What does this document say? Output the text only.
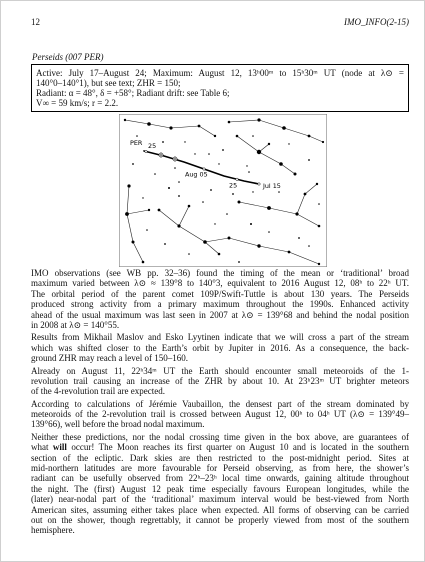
12	IMO_INFO(2-15)
Perseids (007 PER)
Active: July 17–August 24; Maximum: August 12, 13ʰ00ᵐ to 15ʰ30ᵐ UT (node at λ⊙ =
140°0–140°1), but see text; ZHR = 150;
Radiant: α = 48°, δ = +58°; Radiant drift: see Table 6;
V∞ = 59 km/s; r = 2.2.
PER 25
Aug 05
25	Jul 15
IMO observations (see WB pp. 32–36) found the timing of the mean or ‘traditional’ broad
maximum varied between λ⊙ ≈ 139°8 to 140°3, equivalent to 2016 August 12, 08ʰ to 22ʰ UT.
The orbital period of the parent comet 109P/Swift-Tuttle is about 130 years. The Perseids
produced strong activity from a primary maximum throughout the 1990s. Enhanced activity
ahead of the usual maximum was last seen in 2007 at λ⊙ = 139°68 and behind the nodal position
in 2008 at λ⊙ = 140°55.
Results from Mikhail Maslov and Esko Lyytinen indicate that we will cross a part of the stream
which was shifted closer to the Earth’s orbit by Jupiter in 2016. As a consequence, the back-
ground ZHR may reach a level of 150–160.
Already on August 11, 22ʰ34ᵐ UT the Earth should encounter small meteoroids of the 1-
revolution trail causing an increase of the ZHR by about 10. At 23ʰ23ᵐ UT brighter meteors
of the 4-revolution trail are expected.
According to calculations of Jérémie Vaubaillon, the densest part of the stream dominated by
meteoroids of the 2-revolution trail is crossed between August 12, 00ʰ to 04ʰ UT (λ⊙ = 139°49–
139°66), well before the broad nodal maximum.
Neither these predictions, nor the nodal crossing time given in the box above, are guarantees of
what will occur! The Moon reaches its first quarter on August 10 and is located in the southern
section of the ecliptic. Dark skies are then restricted to the post-midnight period. Sites at
mid-northern latitudes are more favourable for Perseid observing, as from here, the shower’s
radiant can be usefully observed from 22ʰ–23ʰ local time onwards, gaining altitude throughout
the night. The (first) August 12 peak time especially favours European longitudes, while the
(later) near-nodal part of the ‘traditional’ maximum interval would be best-viewed from North
American sites, assuming either takes place when expected. All forms of observing can be carried
out on the shower, though regrettably, it cannot be properly viewed from most of the southern
hemisphere.
